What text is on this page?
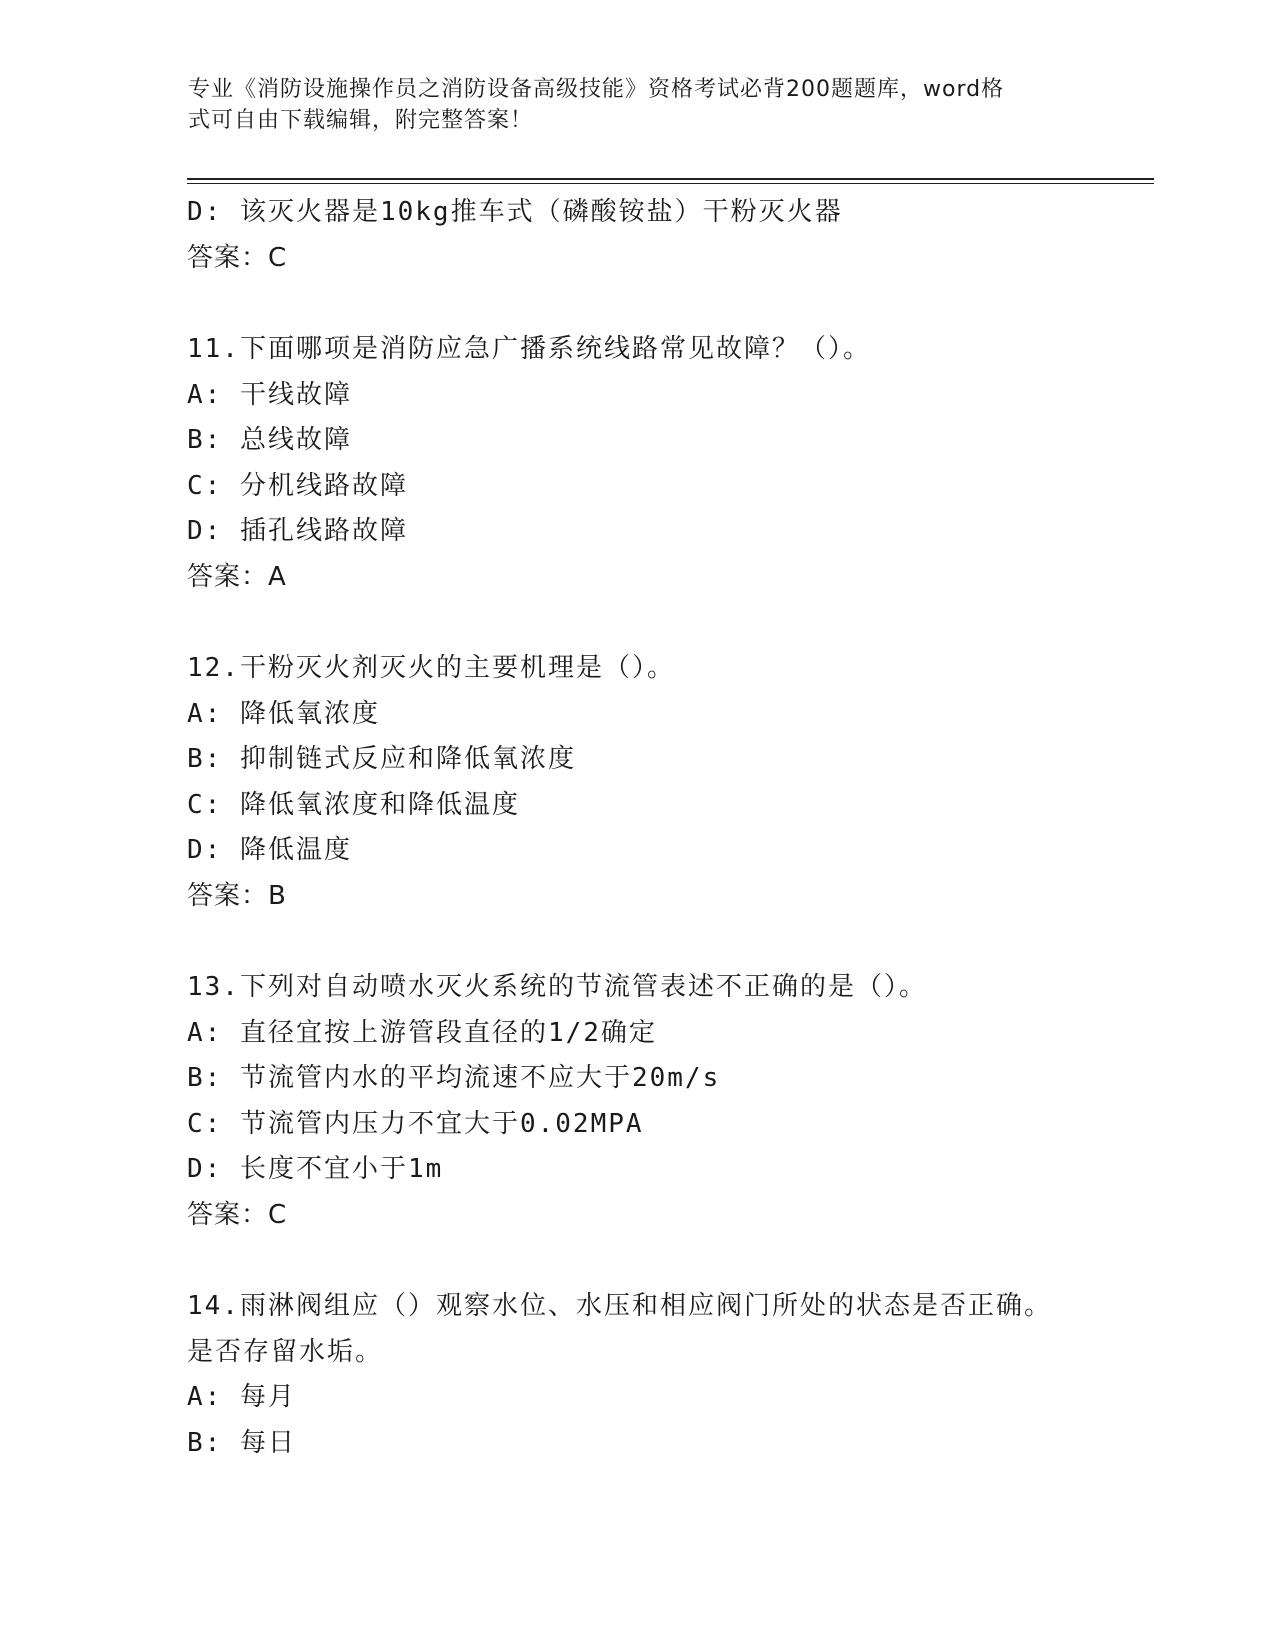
专业《消防设施操作员之消防设备高级技能》资格考试必背200题题库，word格
式可自由下载编辑，附完整答案！
D: 该灭火器是10kg推车式（磷酸铵盐）干粉灭火器
答案：C
11.下面哪项是消防应急广播系统线路常见故障？（）。
A: 干线故障
B: 总线故障
C: 分机线路故障
D: 插孔线路故障
答案：A
12.干粉灭火剂灭火的主要机理是（）。
A: 降低氧浓度
B: 抑制链式反应和降低氧浓度
C: 降低氧浓度和降低温度
D: 降低温度
答案：B
13.下列对自动喷水灭火系统的节流管表述不正确的是（）。
A: 直径宜按上游管段直径的1/2确定
B: 节流管内水的平均流速不应大于20m/s
C: 节流管内压力不宜大于0.02MPA
D: 长度不宜小于1m
答案：C
14.雨淋阀组应（）观察水位、水压和相应阀门所处的状态是否正确。
是否存留水垢。
A: 每月
B: 每日
